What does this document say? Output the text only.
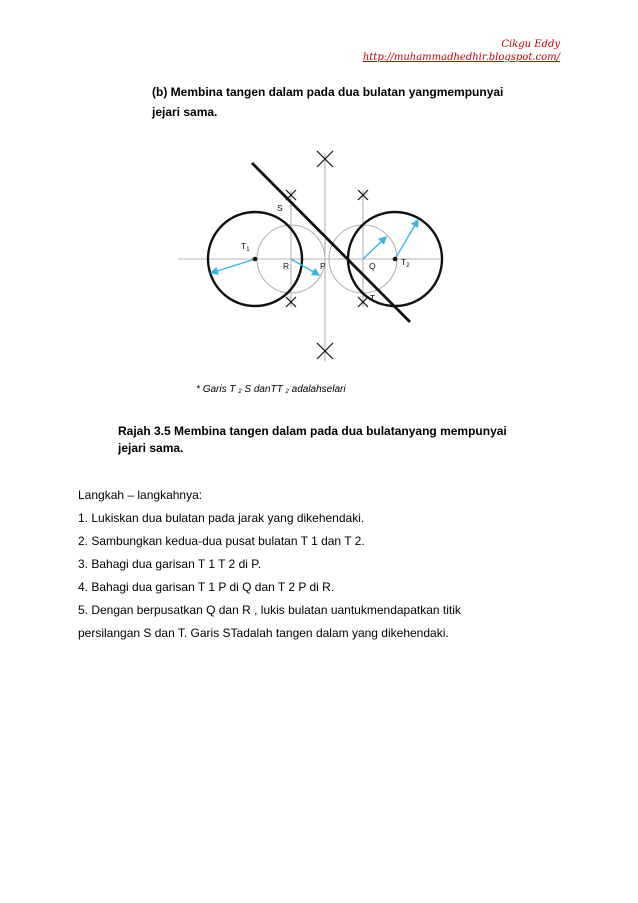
Cikgu Eddy
http://muhammadhedhir.blogspot.com/
(b) Membina tangen dalam pada dua bulatan yangmempunyai
jejari sama.
S
$T_1$
R	P	Q	$T_2$
T
* Garis T $_2$ S danTT $_2$ adalahselari
Rajah 3.5 Membina tangen dalam pada dua bulatanyang mempunyai
jejari sama.
Langkah – langkahnya:
1. Lukiskan dua bulatan pada jarak yang dikehendaki.
2. Sambungkan kedua-dua pusat bulatan T 1 dan T 2.
3. Bahagi dua garisan T 1 T 2 di P.
4. Bahagi dua garisan T 1 P di Q dan T 2 P di R.
5. Dengan berpusatkan Q dan R , lukis bulatan uantukmendapatkan titik
persilangan S dan T. Garis STadalah tangen dalam yang dikehendaki.
